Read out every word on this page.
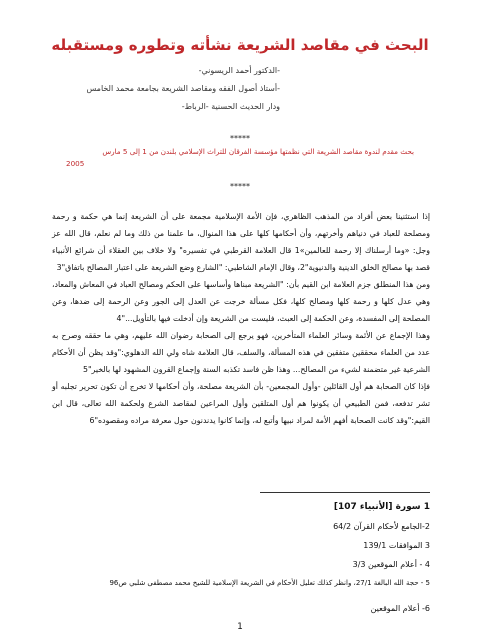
البحث في مقاصد الشريعة نشأته وتطوره ومستقبله
-الدكتور أحمد الريسوني-
-أستاذ أصول الفقه ومقاصد الشريعة بجامعة محمد الخامس
ودار الحديث الحسنية -الرباط-
*****
بحث مقدم لندوة مقاصد الشريعة التي نظمتها مؤسسة الفرقان للتراث الإسلامي بلندن من 1 إلى 5 مارس
2005
*****

إذا استثنينا بعض أفراد من المذهب الظاهري، فإن الأمة الإسلامية مجمعة على أن الشريعة إنما هي حكمة و رحمة ومصلحة للعباد في دنياهم وأخرتهم، وأن أحكامها كلها على هذا المنوال، ما علمنا من ذلك وما لم نعلم، قال الله عز وجل: «وما أرسلناك إلا رحمة للعالمين»1 قال العلامة القرطبي في تفسيره" ولا خلاف بين العقلاء أن شرائع الأنبياء قصد بها مصالح الخلق الدينية والدنيوية"2، وقال الإمام الشاطبي: "الشارع وضع الشريعة على اعتبار المصالح باتفاق"3

ومن هذا المنطلق جزم العلامة ابن القيم بأن: "الشريعة مبناها وأساسها على الحكم ومصالح العباد في المعاش والمعاد، وهي عدل كلها و رحمة كلها ومصالح كلها، فكل مسألة خرجت عن العدل إلى الجور وعن الرحمة إلى ضدها، وعن المصلحة إلى المفسدة، وعن الحكمة إلى العبث، فليست من الشريعة وإن أدخلت فيها بالتأويل..."4

وهذا الإجماع عن الأئمة وسائر العلماء المتأخرين، فهو يرجع إلى الصحابة رضوان الله عليهم، وهي ما حققه وصرح به عدد من العلماء محققين متفقين في هذه المسألة، والسلف، قال العلامة شاه ولي الله الدهلوي:"وقد يظن أن الأحكام الشرعية غير متضمنة لشيء من المصالح... وهذا ظن فاسد تكذبه السنة وإجماع القرون المشهود لها بالخير"5

فإذا كان الصحابة هم أول القائلين -وأول المجمعين- بأن الشريعة مصلحة، وأن أحكامها لا تخرج أن تكون تحرير تجلبه أو تشر تدفعه، فمن الطبيعي أن يكونوا هم أول المتلقين وأول المراعين لمقاصد الشرع ولحكمة الله تعالى، قال ابن القيم:"وقد كانت الصحابة أفهم الأمة لمراد نبيها وأتبع له، وإنما كانوا يدندنون حول معرفة مراده ومقصوده"6

1 سورة [الأنبياء 107]
2-الجامع لأحكام القرآن 64/2
3 الموافقات 139/1
4 - أعلام الموقعين 3/3
5 - حجة الله البالغة 27/1، وانظر كذلك تعليل الأحكام في الشريعة الإسلامية للشيخ محمد مصطفى شلبي ص96
6- أعلام الموقعين
1
